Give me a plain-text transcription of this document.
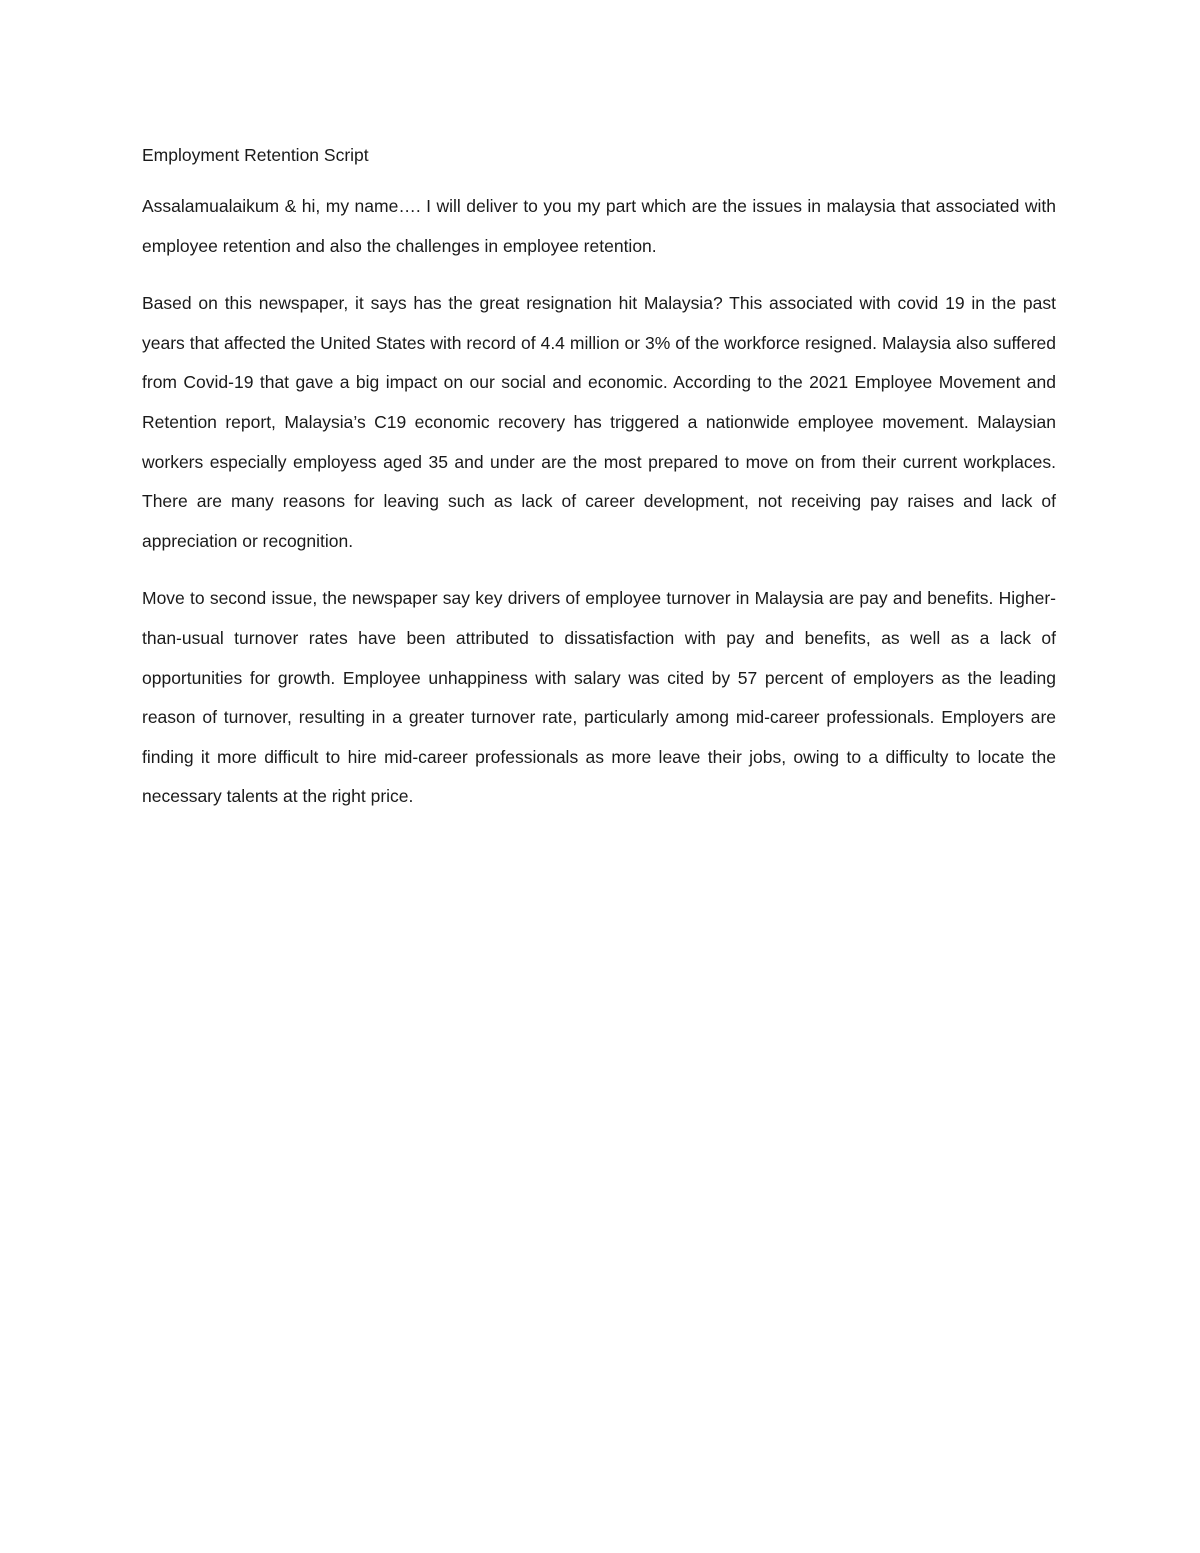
Employment Retention Script

Assalamualaikum & hi, my name…. I will deliver to you my part which are the issues in malaysia that associated with employee retention and also the challenges in employee retention.

Based on this newspaper, it says has the great resignation hit Malaysia? This associated with covid 19 in the past years that affected the United States with record of 4.4 million or 3% of the workforce resigned. Malaysia also suffered from Covid-19 that gave a big impact on our social and economic. According to the 2021 Employee Movement and Retention report, Malaysia’s C19 economic recovery has triggered a nationwide employee movement. Malaysian workers especially employess aged 35 and under are the most prepared to move on from their current workplaces. There are many reasons for leaving such as lack of career development, not receiving pay raises and lack of appreciation or recognition.

Move to second issue, the newspaper say key drivers of employee turnover in Malaysia are pay and benefits. Higher-than-usual turnover rates have been attributed to dissatisfaction with pay and benefits, as well as a lack of opportunities for growth. Employee unhappiness with salary was cited by 57 percent of employers as the leading reason of turnover, resulting in a greater turnover rate, particularly among mid-career professionals. Employers are finding it more difficult to hire mid-career professionals as more leave their jobs, owing to a difficulty to locate the necessary talents at the right price.
